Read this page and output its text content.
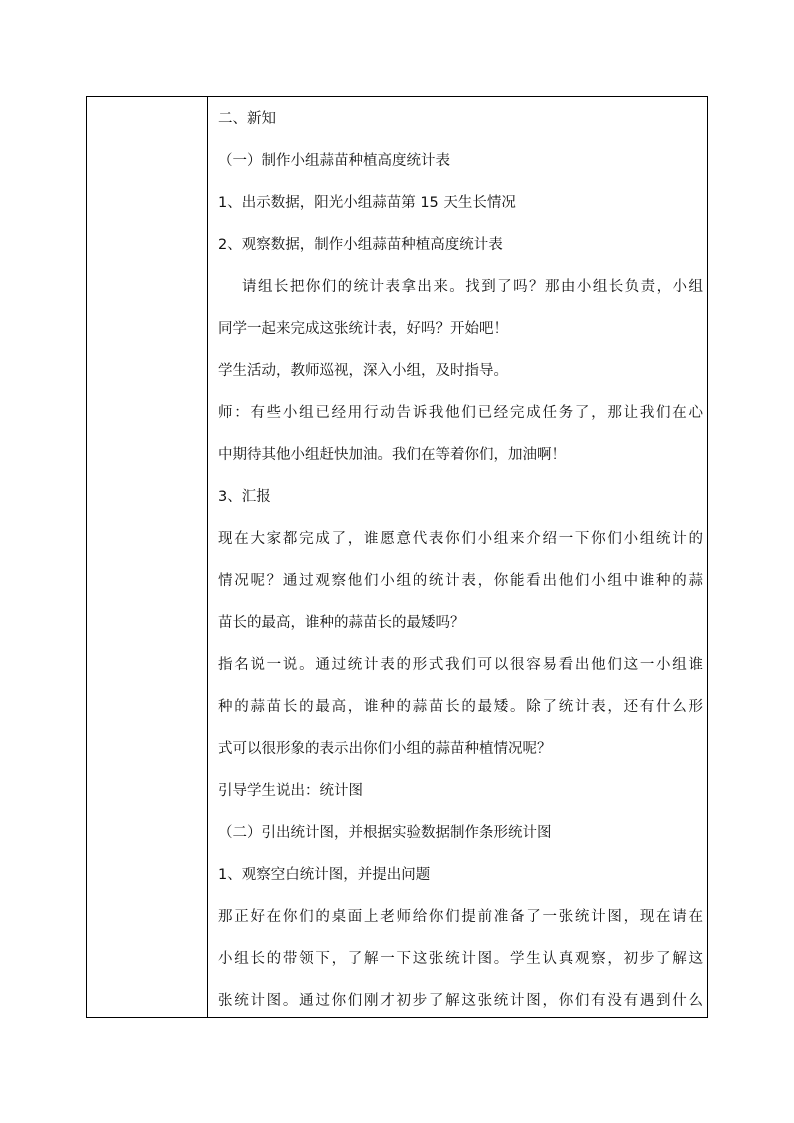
二、新知
（一）制作小组蒜苗种植高度统计表
1、出示数据，阳光小组蒜苗第 15 天生长情况
2、观察数据，制作小组蒜苗种植高度统计表
请组长把你们的统计表拿出来。找到了吗？那由小组长负责，小组
同学一起来完成这张统计表，好吗？开始吧！
学生活动，教师巡视，深入小组，及时指导。
师：有些小组已经用行动告诉我他们已经完成任务了，那让我们在心
中期待其他小组赶快加油。我们在等着你们，加油啊！
3、汇报
现在大家都完成了，谁愿意代表你们小组来介绍一下你们小组统计的
情况呢？通过观察他们小组的统计表，你能看出他们小组中谁种的蒜
苗长的最高，谁种的蒜苗长的最矮吗？
指名说一说。通过统计表的形式我们可以很容易看出他们这一小组谁
种的蒜苗长的最高，谁种的蒜苗长的最矮。除了统计表，还有什么形
式可以很形象的表示出你们小组的蒜苗种植情况呢？
引导学生说出：统计图
（二）引出统计图，并根据实验数据制作条形统计图
1、观察空白统计图，并提出问题
那正好在你们的桌面上老师给你们提前准备了一张统计图，现在请在
小组长的带领下，了解一下这张统计图。学生认真观察，初步了解这
张统计图。通过你们刚才初步了解这张统计图，你们有没有遇到什么
